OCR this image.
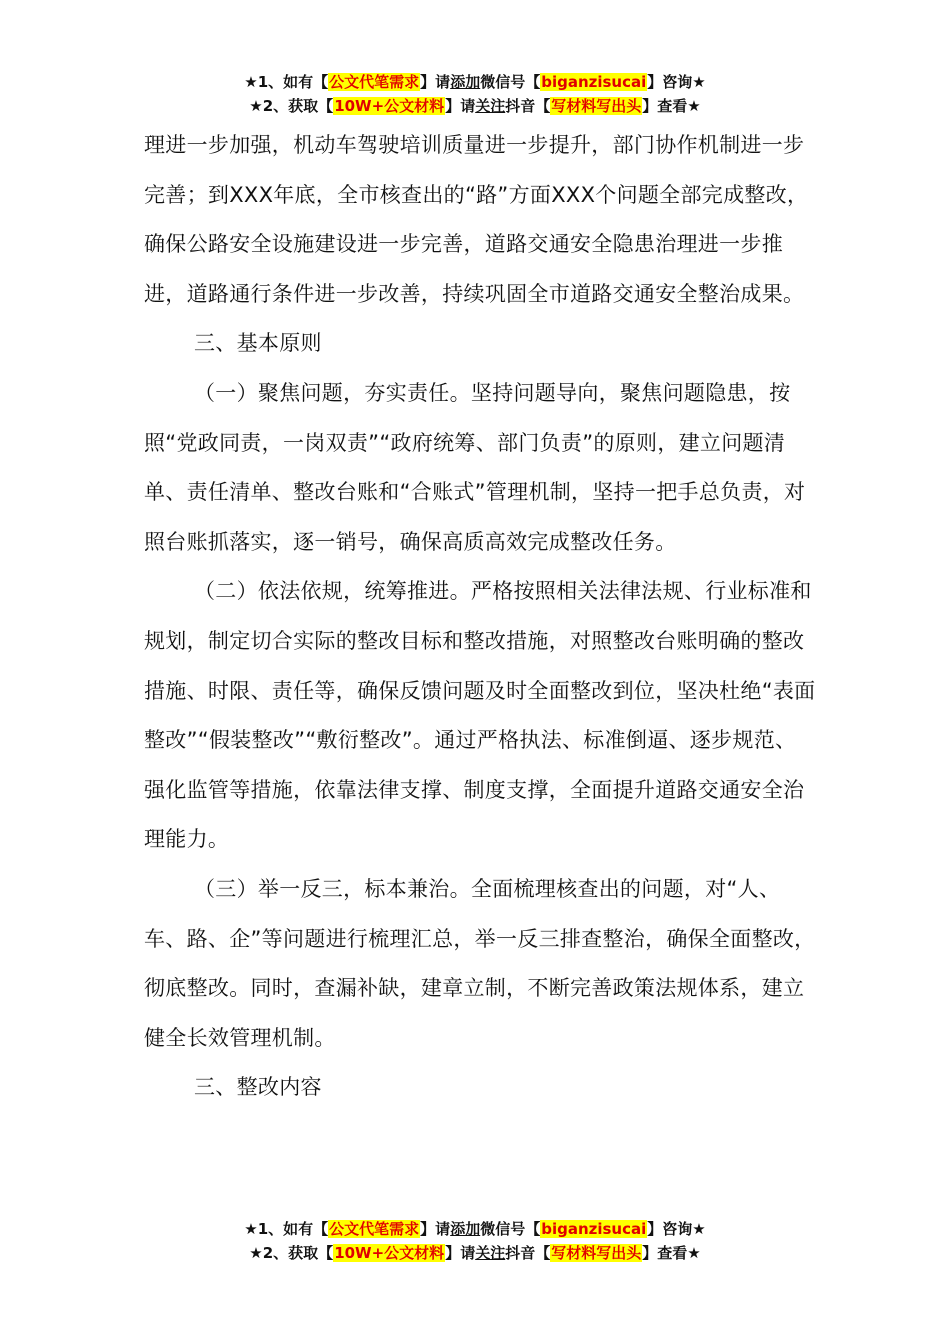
★1、如有【公文代笔需求】请添加微信号【biganzisucai】咨询★
★2、获取【10W+公文材料】请关注抖音【写材料写出头】查看★

理进一步加强，机动车驾驶培训质量进一步提升，部门协作机制进一步完善；到XXX年底，全市核查出的“路”方面XXX个问题全部完成整改，确保公路安全设施建设进一步完善，道路交通安全隐患治理进一步推进，道路通行条件进一步改善，持续巩固全市道路交通安全整治成果。

三、基本原则

（一）聚焦问题，夯实责任。坚持问题导向，聚焦问题隐患，按照“党政同责，一岗双责”“政府统筹、部门负责”的原则，建立问题清单、责任清单、整改台账和“合账式”管理机制，坚持一把手总负责，对照台账抓落实，逐一销号，确保高质高效完成整改任务。

（二）依法依规，统筹推进。严格按照相关法律法规、行业标准和规划，制定切合实际的整改目标和整改措施，对照整改台账明确的整改措施、时限、责任等，确保反馈问题及时全面整改到位，坚决杜绝“表面整改”“假装整改”“敷衍整改”。通过严格执法、标准倒逼、逐步规范、强化监管等措施，依靠法律支撑、制度支撑，全面提升道路交通安全治理能力。

（三）举一反三，标本兼治。全面梳理核查出的问题，对“人、车、路、企”等问题进行梳理汇总，举一反三排查整治，确保全面整改，彻底整改。同时，查漏补缺，建章立制，不断完善政策法规体系，建立健全长效管理机制。

三、整改内容

★1、如有【公文代笔需求】请添加微信号【biganzisucai】咨询★
★2、获取【10W+公文材料】请关注抖音【写材料写出头】查看★
